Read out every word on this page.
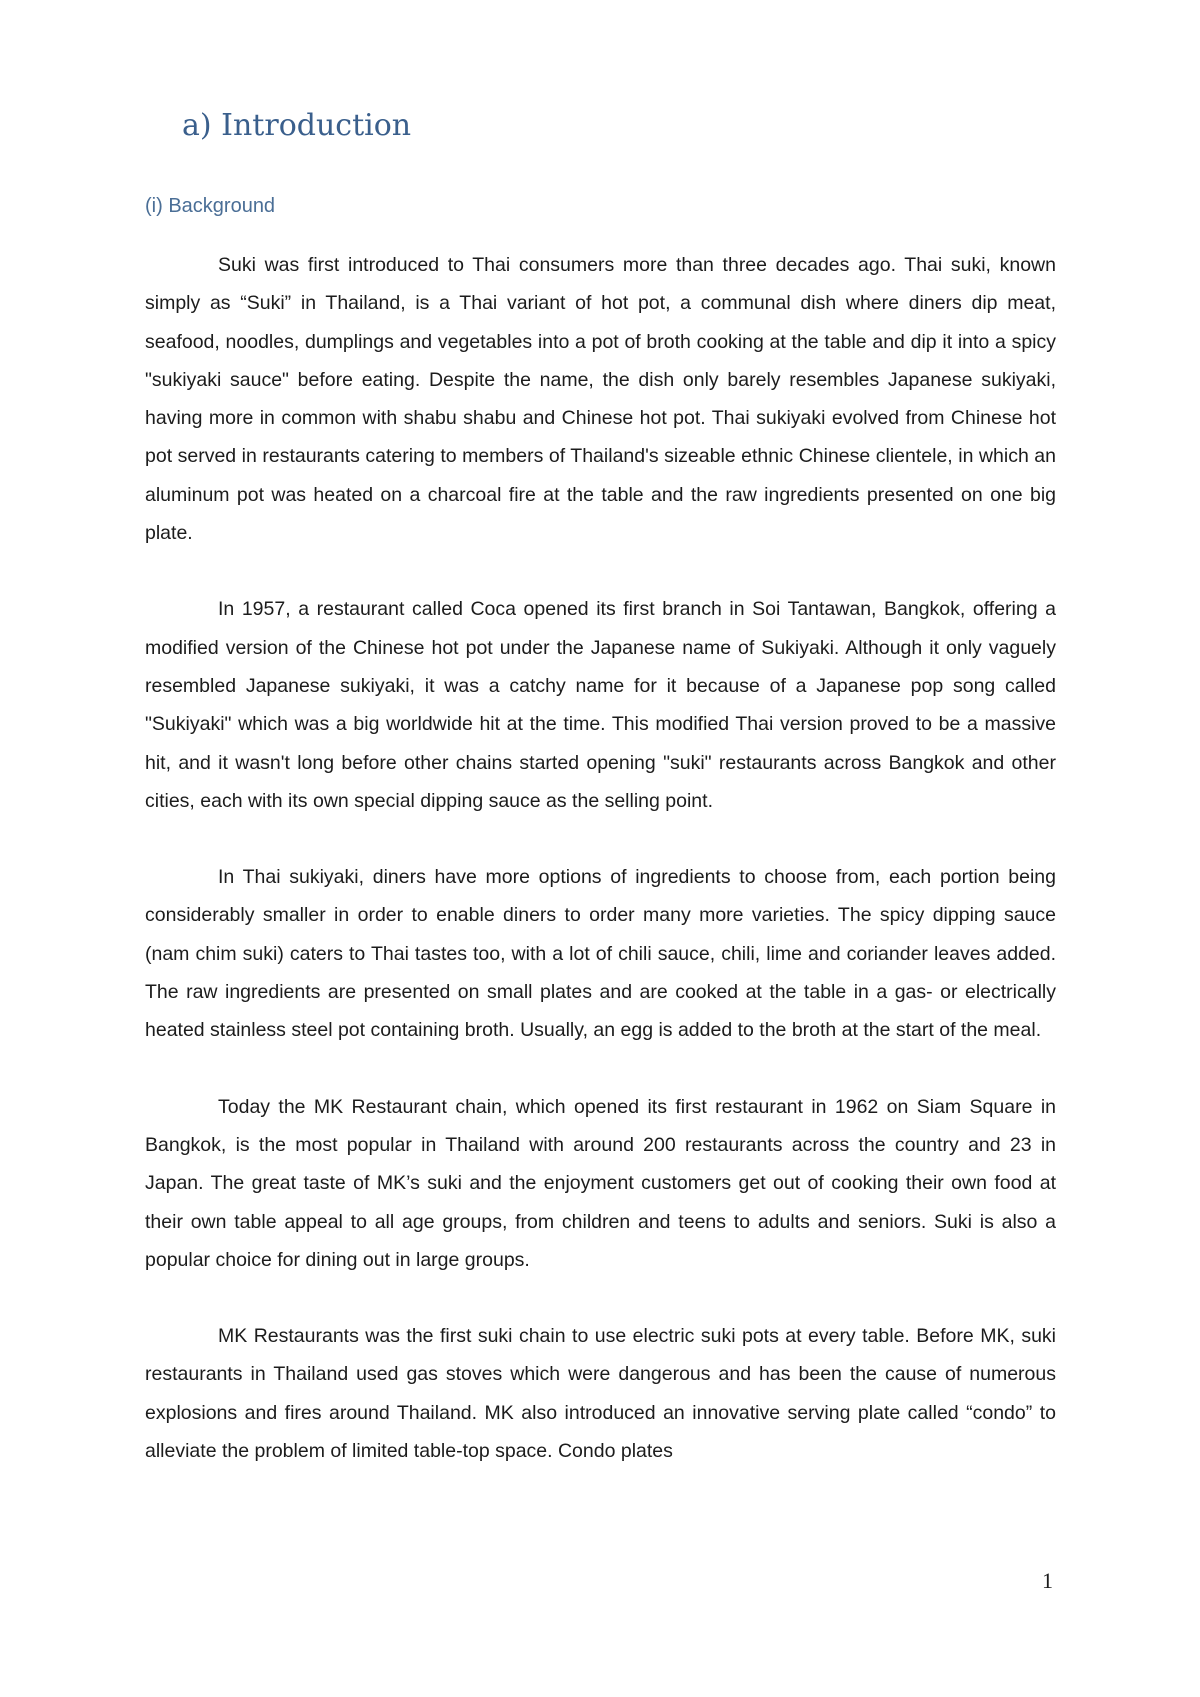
a) Introduction
(i) Background

Suki was first introduced to Thai consumers more than three decades ago. Thai suki, known simply as “Suki” in Thailand, is a Thai variant of hot pot, a communal dish where diners dip meat, seafood, noodles, dumplings and vegetables into a pot of broth cooking at the table and dip it into a spicy "sukiyaki sauce" before eating. Despite the name, the dish only barely resembles Japanese sukiyaki, having more in common with shabu shabu and Chinese hot pot. Thai sukiyaki evolved from Chinese hot pot served in restaurants catering to members of Thailand's sizeable ethnic Chinese clientele, in which an aluminum pot was heated on a charcoal fire at the table and the raw ingredients presented on one big plate.

In 1957, a restaurant called Coca opened its first branch in Soi Tantawan, Bangkok, offering a modified version of the Chinese hot pot under the Japanese name of Sukiyaki. Although it only vaguely resembled Japanese sukiyaki, it was a catchy name for it because of a Japanese pop song called "Sukiyaki" which was a big worldwide hit at the time. This modified Thai version proved to be a massive hit, and it wasn't long before other chains started opening "suki" restaurants across Bangkok and other cities, each with its own special dipping sauce as the selling point.

In Thai sukiyaki, diners have more options of ingredients to choose from, each portion being considerably smaller in order to enable diners to order many more varieties. The spicy dipping sauce (nam chim suki) caters to Thai tastes too, with a lot of chili sauce, chili, lime and coriander leaves added. The raw ingredients are presented on small plates and are cooked at the table in a gas- or electrically heated stainless steel pot containing broth. Usually, an egg is added to the broth at the start of the meal.

Today the MK Restaurant chain, which opened its first restaurant in 1962 on Siam Square in Bangkok, is the most popular in Thailand with around 200 restaurants across the country and 23 in Japan. The great taste of MK’s suki and the enjoyment customers get out of cooking their own food at their own table appeal to all age groups, from children and teens to adults and seniors. Suki is also a popular choice for dining out in large groups.

MK Restaurants was the first suki chain to use electric suki pots at every table. Before MK, suki restaurants in Thailand used gas stoves which were dangerous and has been the cause of numerous explosions and fires around Thailand. MK also introduced an innovative serving plate called “condo” to alleviate the problem of limited table-top space. Condo plates

1
